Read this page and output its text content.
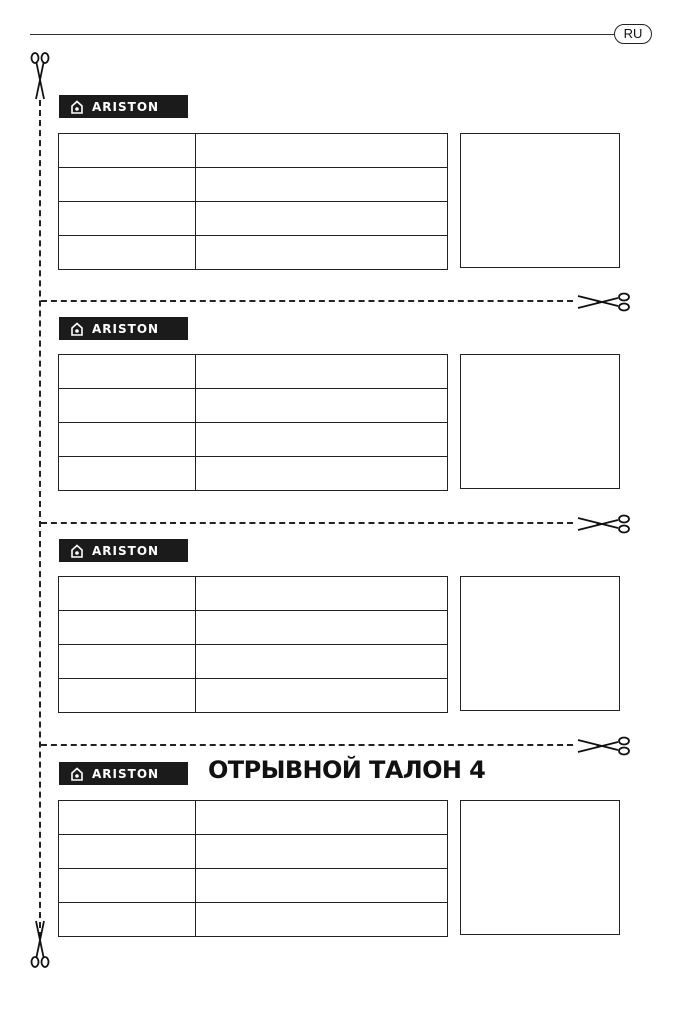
RU
ARISTON

ARISTON

ARISTON

ARISTON ОТРЫВНОЙ ТАЛОН 4
